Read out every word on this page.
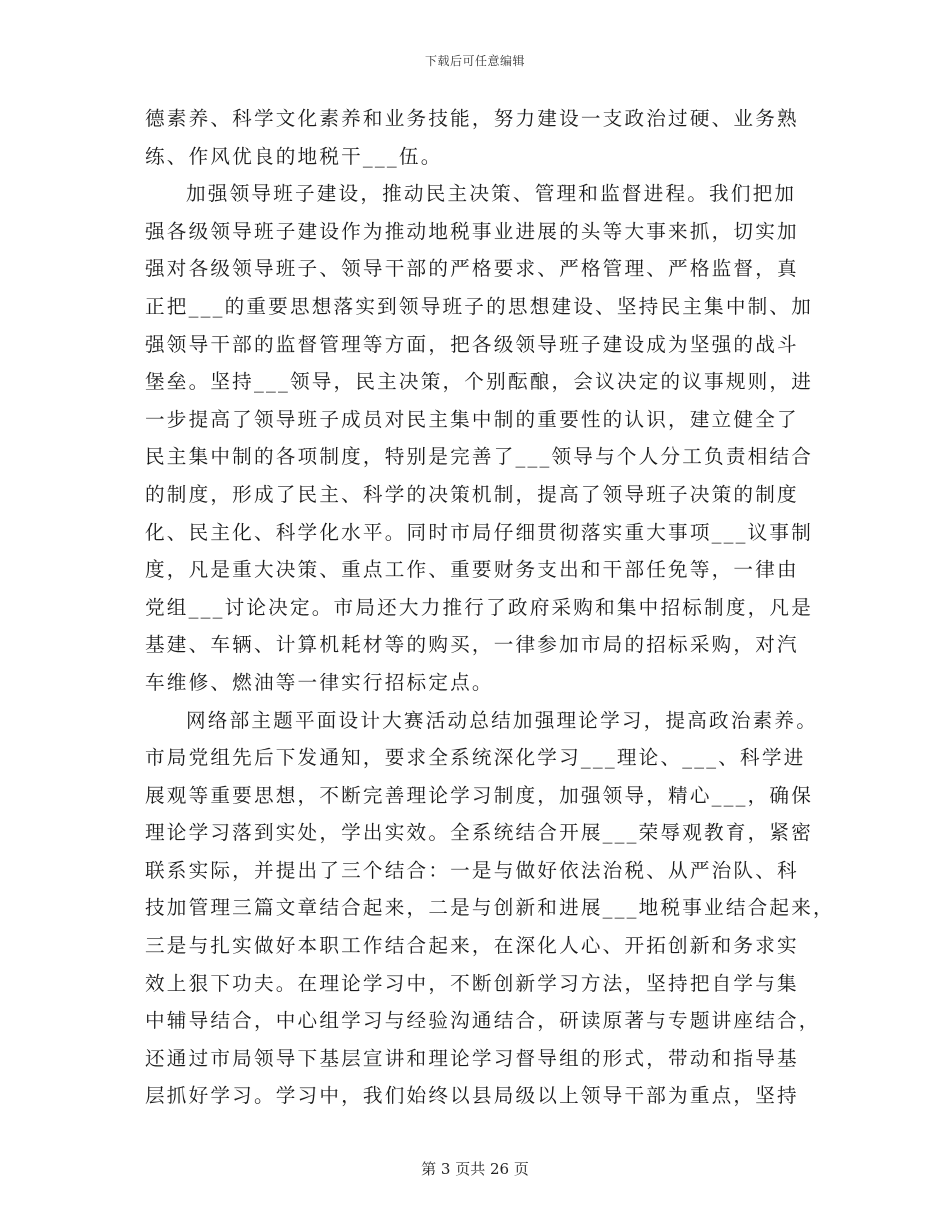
下载后可任意编辑
德素养、科学文化素养和业务技能，努力建设一支政治过硬、业务熟
练、作风优良的地税干___伍。
加强领导班子建设，推动民主决策、管理和监督进程。我们把加
强各级领导班子建设作为推动地税事业进展的头等大事来抓，切实加
强对各级领导班子、领导干部的严格要求、严格管理、严格监督，真
正把___的重要思想落实到领导班子的思想建设、坚持民主集中制、加
强领导干部的监督管理等方面，把各级领导班子建设成为坚强的战斗
堡垒。坚持___领导，民主决策，个别酝酿，会议决定的议事规则，进
一步提高了领导班子成员对民主集中制的重要性的认识，建立健全了
民主集中制的各项制度，特别是完善了___领导与个人分工负责相结合
的制度，形成了民主、科学的决策机制，提高了领导班子决策的制度
化、民主化、科学化水平。同时市局仔细贯彻落实重大事项___议事制
度，凡是重大决策、重点工作、重要财务支出和干部任免等，一律由
党组___讨论决定。市局还大力推行了政府采购和集中招标制度，凡是
基建、车辆、计算机耗材等的购买，一律参加市局的招标采购，对汽
车维修、燃油等一律实行招标定点。
网络部主题平面设计大赛活动总结加强理论学习，提高政治素养。
市局党组先后下发通知，要求全系统深化学习___理论、___、科学进
展观等重要思想，不断完善理论学习制度，加强领导，精心___，确保
理论学习落到实处，学出实效。全系统结合开展___荣辱观教育，紧密
联系实际，并提出了三个结合：一是与做好依法治税、从严治队、科
技加管理三篇文章结合起来，二是与创新和进展___地税事业结合起来，
三是与扎实做好本职工作结合起来，在深化人心、开拓创新和务求实
效上狠下功夫。在理论学习中，不断创新学习方法，坚持把自学与集
中辅导结合，中心组学习与经验沟通结合，研读原著与专题讲座结合，
还通过市局领导下基层宣讲和理论学习督导组的形式，带动和指导基
层抓好学习。学习中，我们始终以县局级以上领导干部为重点，坚持
第 3 页共 26 页
